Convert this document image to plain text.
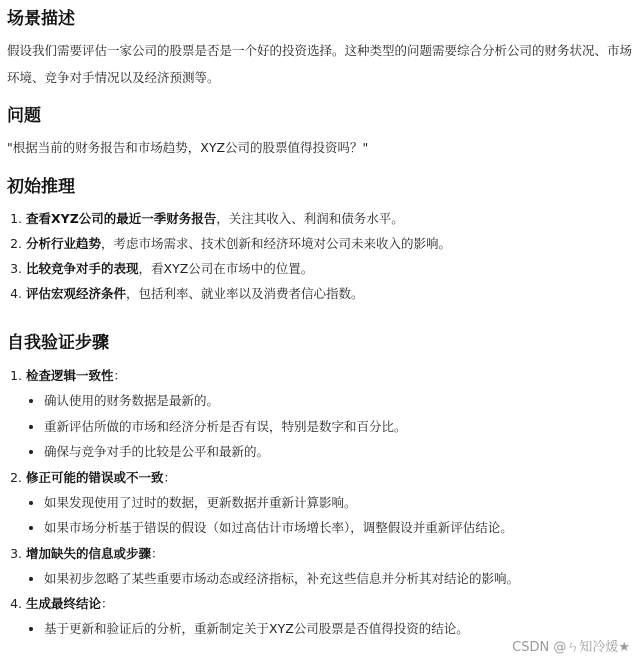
场景描述

假设我们需要评估一家公司的股票是否是一个好的投资选择。这种类型的问题需要综合分析公司的财务状况、市场环境、竞争对手情况以及经济预测等。

问题

"根据当前的财务报告和市场趋势，XYZ公司的股票值得投资吗？"

初始推理
1. 查看XYZ公司的最近一季财务报告，关注其收入、利润和债务水平。
2. 分析行业趋势，考虑市场需求、技术创新和经济环境对公司未来收入的影响。
3. 比较竞争对手的表现，看XYZ公司在市场中的位置。
4. 评估宏观经济条件，包括利率、就业率以及消费者信心指数。
自我验证步骤
1. 检查逻辑一致性：
• 确认使用的财务数据是最新的。
• 重新评估所做的市场和经济分析是否有误，特别是数字和百分比。
• 确保与竞争对手的比较是公平和最新的。
2. 修正可能的错误或不一致：
• 如果发现使用了过时的数据，更新数据并重新计算影响。
• 如果市场分析基于错误的假设（如过高估计市场增长率），调整假设并重新评估结论。
3. 增加缺失的信息或步骤：
• 如果初步忽略了某些重要市场动态或经济指标，补充这些信息并分析其对结论的影响。
4. 生成最终结论：
• 基于更新和验证后的分析，重新制定关于XYZ公司股票是否值得投资的结论。
CSDN @ㄣ知冷煖★
